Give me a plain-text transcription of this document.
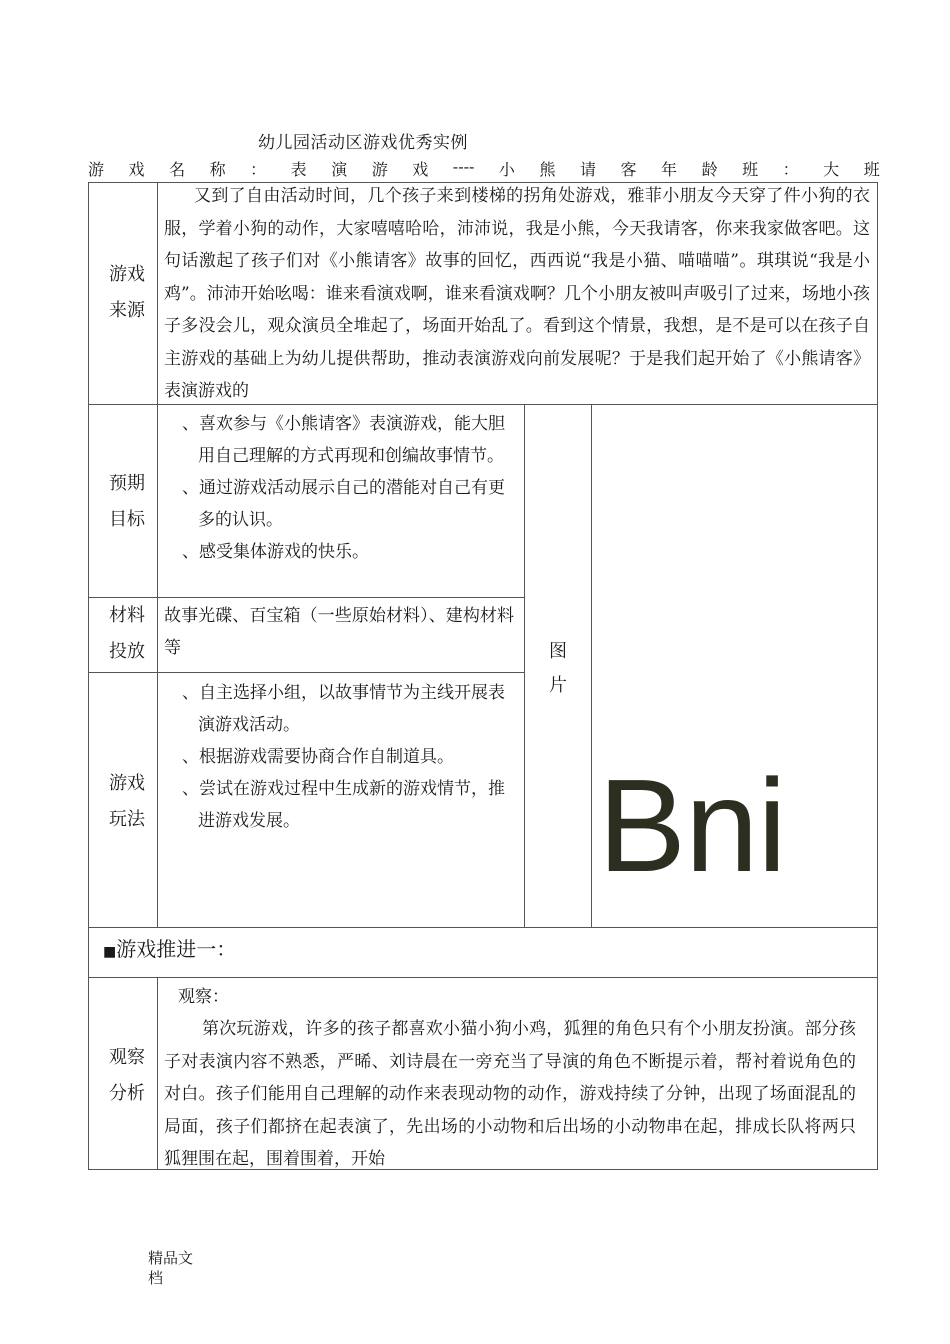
幼儿园活动区游戏优秀实例
游 戏 名 称 ： 表 演 游 戏 ---- 小 熊 请 客 年 龄 班 ： 大 班
游戏
来源
又到了自由活动时间，几个孩子来到楼梯的拐角处游戏，雅菲小朋友今天穿了件小狗的衣服，学着小狗的动作，大家嘻嘻哈哈，沛沛说，我是小熊，今天我请客，你来我家做客吧。这句话激起了孩子们对《小熊请客》故事的回忆，西西说“我是小猫、喵喵喵”。琪琪说“我是小鸡”。沛沛开始吆喝：谁来看演戏啊，谁来看演戏啊？几个小朋友被叫声吸引了过来，场地小孩子多没会儿，观众演员全堆起了，场面开始乱了。看到这个情景，我想，是不是可以在孩子自主游戏的基础上为幼儿提供帮助，推动表演游戏向前发展呢？于是我们起开始了《小熊请客》表演游戏的
预期
目标
、喜欢参与《小熊请客》表演游戏，能大胆用自己理解的方式再现和创编故事情节。
、通过游戏活动展示自己的潜能对自己有更多的认识。
、感受集体游戏的快乐。
材料
投放
故事光碟、百宝箱（一些原始材料）、建构材料等
游戏
玩法
、自主选择小组，以故事情节为主线开展表演游戏活动。
、根据游戏需要协商合作自制道具。
、尝试在游戏过程中生成新的游戏情节，推进游戏发展。
图
片
Bni
■游戏推进一：
观察
分析
观察：
第次玩游戏，许多的孩子都喜欢小猫小狗小鸡，狐狸的角色只有个小朋友扮演。部分孩子对表演内容不熟悉，严晞、刘诗晨在一旁充当了导演的角色不断提示着，帮衬着说角色的对白。孩子们能用自己理解的动作来表现动物的动作，游戏持续了分钟，出现了场面混乱的局面，孩子们都挤在起表演了，先出场的小动物和后出场的小动物串在起，排成长队将两只狐狸围在起，围着围着，开始
精品文
档
